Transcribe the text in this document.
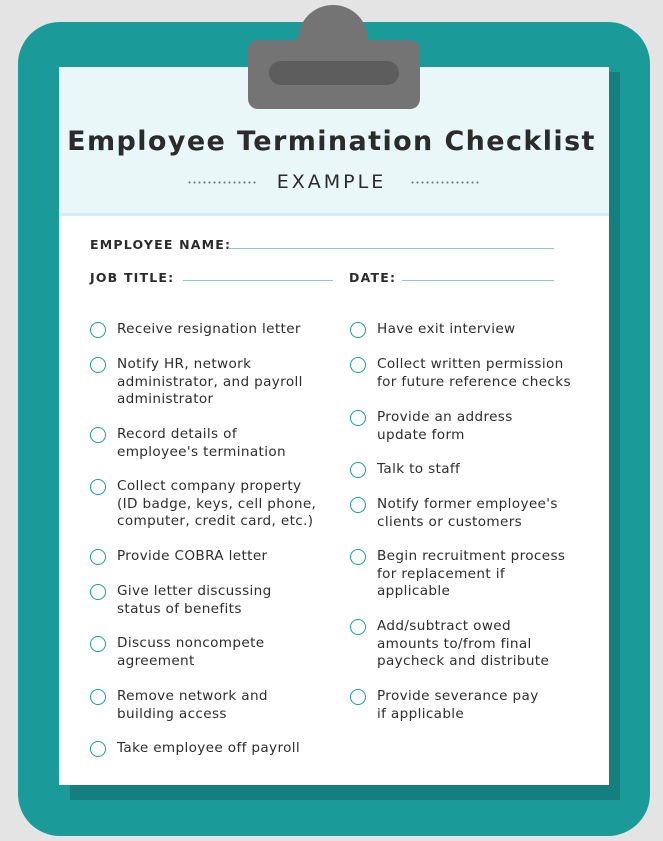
Employee Termination Checklist
EXAMPLE
EMPLOYEE NAME:
JOB TITLE:	DATE:
Receive resignation letter
Notify HR, network
administrator, and payroll
administrator
Record details of
employee's termination
Collect company property
(ID badge, keys, cell phone,
computer, credit card, etc.)
Provide COBRA letter
Give letter discussing
status of benefits
Discuss noncompete
agreement
Remove network and
building access
Take employee off payroll
Have exit interview
Collect written permission
for future reference checks
Provide an address
update form
Talk to staff
Notify former employee's
clients or customers
Begin recruitment process
for replacement if
applicable
Add/subtract owed
amounts to/from final
paycheck and distribute
Provide severance pay
if applicable
